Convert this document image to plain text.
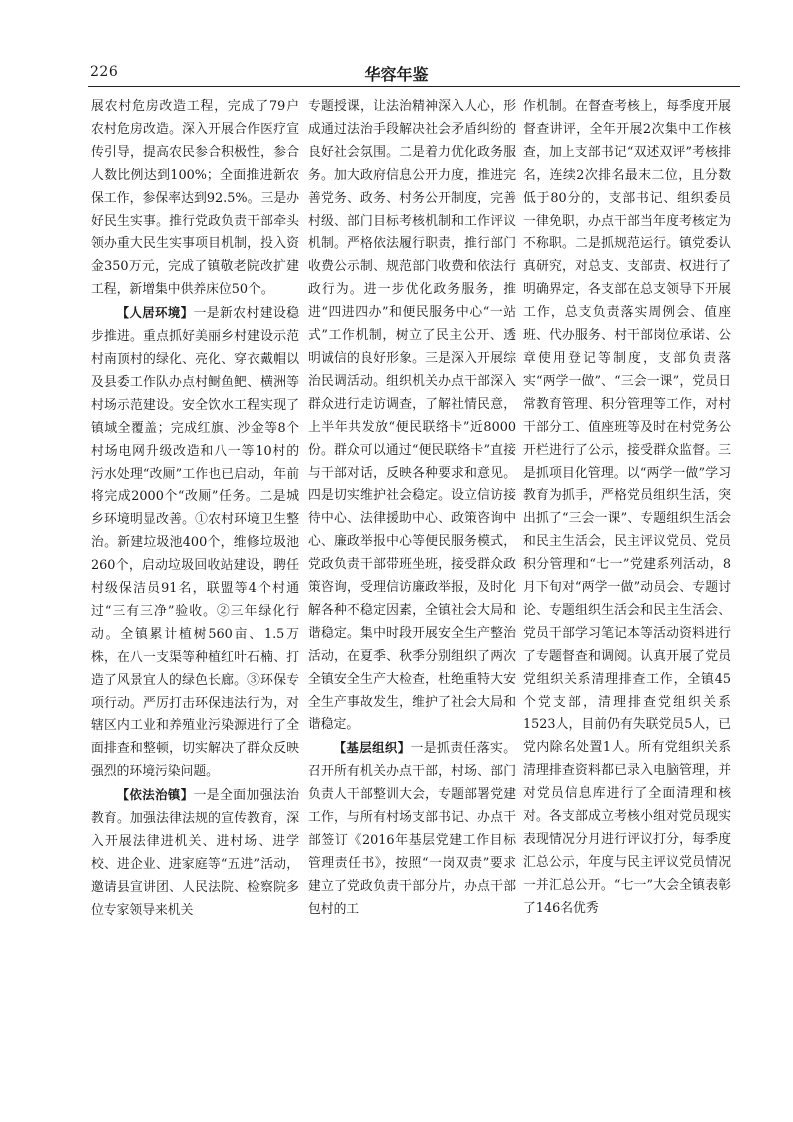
226	华容年鉴

展农村危房改造工程，完成了79户农村危房改造。深入开展合作医疗宣传引导，提高农民参合积极性，参合人数比例达到100%；全面推进新农保工作，参保率达到92.5%。三是办好民生实事。推行党政负责干部牵头领办重大民生实事项目机制，投入资金350万元，完成了镇敬老院改扩建工程，新增集中供养床位50个。

【人居环境】一是新农村建设稳步推进。重点抓好美丽乡村建设示范村南顶村的绿化、亮化、穿衣戴帽以及县委工作队办点村鲥鱼鲃、横洲等村场示范建设。安全饮水工程实现了镇域全覆盖；完成红旗、沙金等8个村场电网升级改造和八一等10村的污水处理“改厕”工作也已启动，年前将完成2000个“改厕”任务。二是城乡环境明显改善。①农村环境卫生整治。新建垃圾池400个，维修垃圾池260个，启动垃圾回收站建设，聘任村级保洁员91名，联盟等4个村通过“三有三净”验收。②三年绿化行动。全镇累计植树560亩、1.5万株，在八一支渠等种植红叶石楠、打造了风景宜人的绿色长廊。③环保专项行动。严厉打击环保违法行为，对辖区内工业和养殖业污染源进行了全面排查和整顿，切实解决了群众反映强烈的环境污染问题。

【依法治镇】一是全面加强法治教育。加强法律法规的宣传教育，深入开展法律进机关、进村场、进学校、进企业、进家庭等“五进”活动，邀请县宣讲团、人民法院、检察院多位专家领导来机关

专题授课，让法治精神深入人心，形成通过法治手段解决社会矛盾纠纷的良好社会氛围。二是着力优化政务服务。加大政府信息公开力度，推进完善党务、政务、村务公开制度，完善村级、部门目标考核机制和工作评议机制。严格依法履行职责，推行部门收费公示制、规范部门收费和依法行政行为。进一步优化政务服务，推进“四进四办”和便民服务中心“一站式”工作机制，树立了民主公开、透明诚信的良好形象。三是深入开展综治民调活动。组织机关办点干部深入群众进行走访调查，了解社情民意，上半年共发放“便民联络卡”近8000份。群众可以通过“便民联络卡”直接与干部对话，反映各种要求和意见。四是切实维护社会稳定。设立信访接待中心、法律援助中心、政策咨询中心、廉政举报中心等便民服务模式，党政负责干部带班坐班，接受群众政策咨询，受理信访廉政举报，及时化解各种不稳定因素，全镇社会大局和谐稳定。集中时段开展安全生产整治活动，在夏季、秋季分别组织了两次全镇安全生产大检查，杜绝重特大安全生产事故发生，维护了社会大局和谐稳定。

【基层组织】一是抓责任落实。召开所有机关办点干部，村场、部门负责人干部整训大会，专题部署党建工作，与所有村场支部书记、办点干部签订《2016年基层党建工作目标管理责任书》，按照“一岗双责”要求建立了党政负责干部分片，办点干部包村的工

作机制。在督查考核上，每季度开展督查讲评，全年开展2次集中工作核查，加上支部书记“双述双评”考核排名，连续2次排名最末二位，且分数低于80分的，支部书记、组织委员一律免职，办点干部当年度考核定为不称职。二是抓规范运行。镇党委认真研究，对总支、支部责、权进行了明确界定，各支部在总支领导下开展工作，总支负责落实周例会、值座班、代办服务、村干部岗位承诺、公章使用登记等制度，支部负责落实“两学一做”、“三会一课”，党员日常教育管理、积分管理等工作，对村干部分工、值座班等及时在村党务公开栏进行了公示，接受群众监督。三是抓项目化管理。以“两学一做”学习教育为抓手，严格党员组织生活，突出抓了“三会一课”、专题组织生活会和民主生活会，民主评议党员、党员积分管理和“七一”党建系列活动，8月下旬对“两学一做”动员会、专题讨论、专题组织生活会和民主生活会、党员干部学习笔记本等活动资料进行了专题督查和调阅。认真开展了党员党组织关系清理排查工作，全镇45个党支部，清理排查党组织关系1523人，目前仍有失联党员5人，已党内除名处置1人。所有党组织关系清理排查资料都已录入电脑管理，并对党员信息库进行了全面清理和核对。各支部成立考核小组对党员现实表现情况分月进行评议打分，每季度汇总公示，年度与民主评议党员情况一并汇总公开。“七一”大会全镇表彰了146名优秀
